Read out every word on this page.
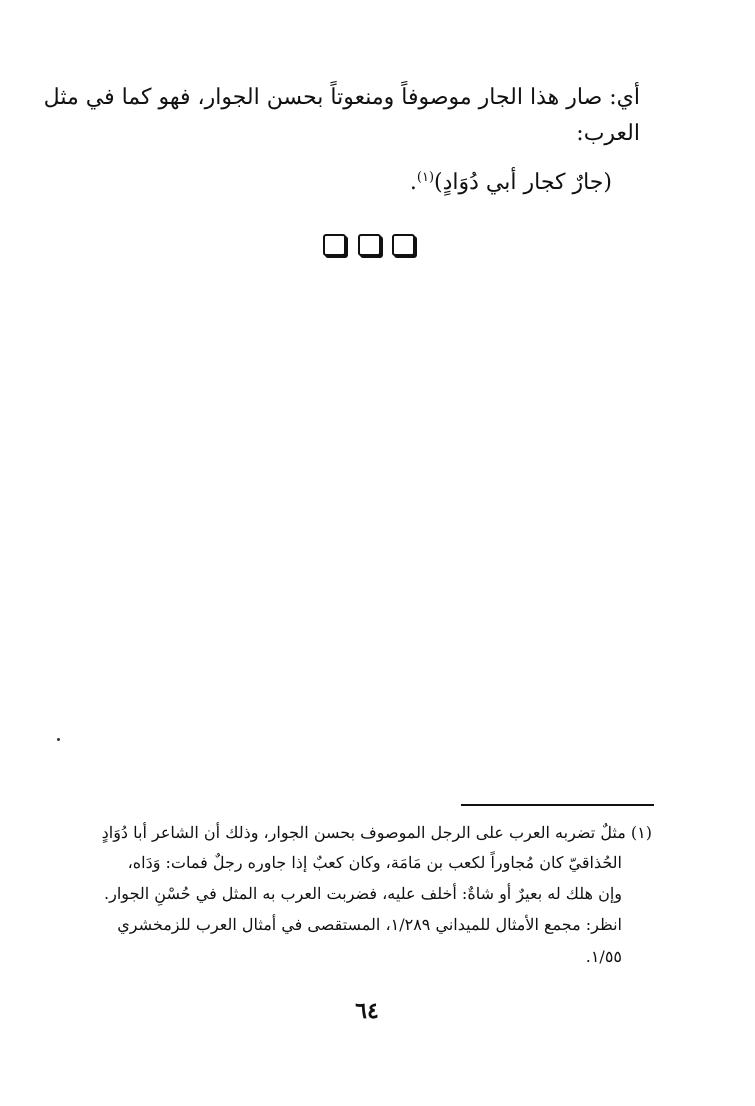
أي: صار هذا الجار موصوفاً ومنعوتاً بحسن الجوار، فهو كما في مثل
العرب:
(جارٌ كجار أبي دُوَادٍ)$^{(١)}$.
(١) مثلٌ تضربه العرب على الرجل الموصوف بحسن الجوار، وذلك أن الشاعر أبا دُوَادٍ
الحُذاقيّ كان مُجاوراً لكعب بن مَامَة، وكان كعبٌ إذا جاوره رجلٌ فمات: وَدَاه،
وإن هلك له بعيرٌ أو شاةٌ: أخلف عليه، فضربت العرب به المثل في حُسْنِ الجوار.
انظر: مجمع الأمثال للميداني ١/٢٨٩، المستقصى في أمثال العرب للزمخشري
١/٥٥.
٦٤
